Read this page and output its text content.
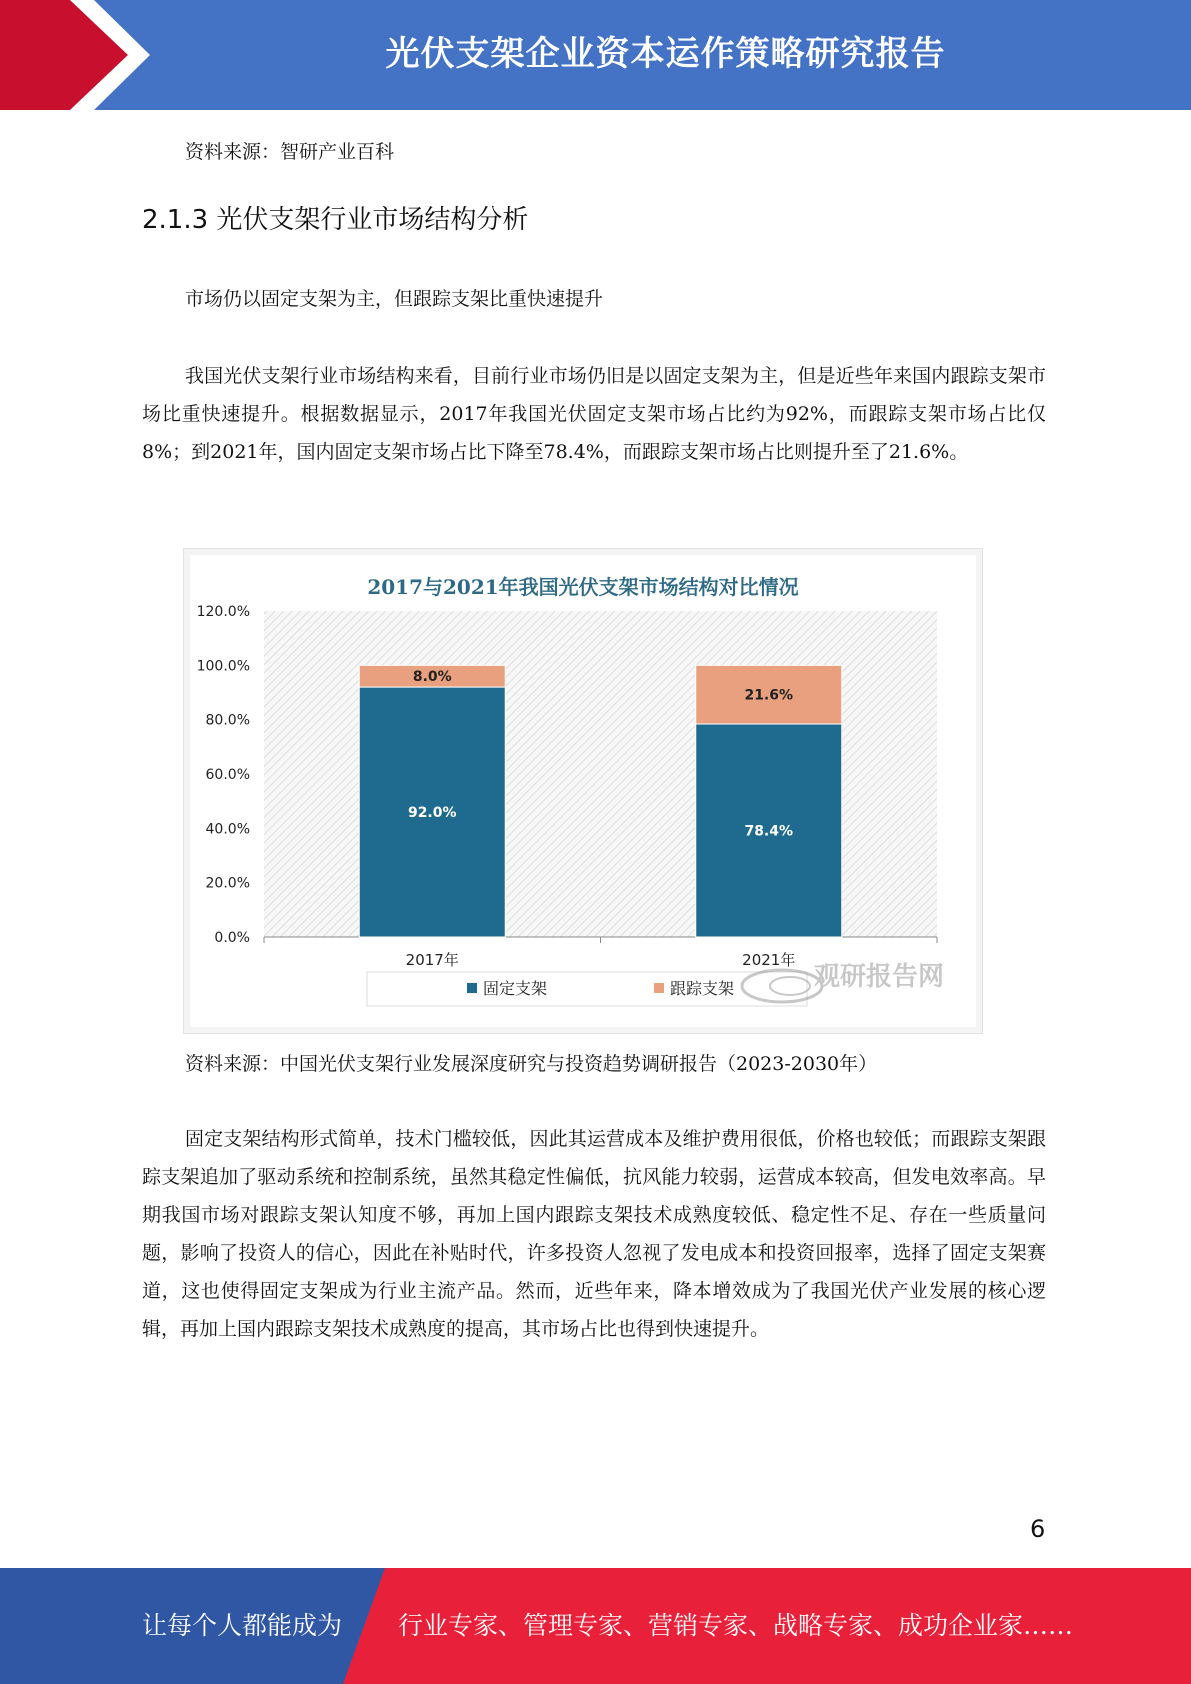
光伏支架企业资本运作策略研究报告
资料来源：智研产业百科
2.1.3 光伏支架行业市场结构分析
市场仍以固定支架为主，但跟踪支架比重快速提升
我国光伏支架行业市场结构来看，目前行业市场仍旧是以固定支架为主，但是近些年来国内跟踪支架市场比重快速提升。根据数据显示，2017年我国光伏固定支架市场占比约为92%，而跟踪支架市场占比仅8%；到2021年，国内固定支架市场占比下降至78.4%，而跟踪支架市场占比则提升至了21.6%。
2017与2021年我国光伏支架市场结构对比情况
120.0%
100.0%
80.0%
60.0%
40.0%
20.0%
0.0%
92.0%
8.0%
78.4%
21.6%
2017年	2021年
固定支架	跟踪支架	观研报告网
资料来源：中国光伏支架行业发展深度研究与投资趋势调研报告（2023-2030年）
固定支架结构形式简单，技术门槛较低，因此其运营成本及维护费用很低，价格也较低；而跟踪支架跟踪支架追加了驱动系统和控制系统，虽然其稳定性偏低，抗风能力较弱，运营成本较高，但发电效率高。早期我国市场对跟踪支架认知度不够，再加上国内跟踪支架技术成熟度较低、稳定性不足、存在一些质量问题，影响了投资人的信心，因此在补贴时代，许多投资人忽视了发电成本和投资回报率，选择了固定支架赛道，这也使得固定支架成为行业主流产品。然而，近些年来，降本增效成为了我国光伏产业发展的核心逻辑，再加上国内跟踪支架技术成熟度的提高，其市场占比也得到快速提升。
6
让每个人都能成为 行业专家、管理专家、营销专家、战略专家、成功企业家……
